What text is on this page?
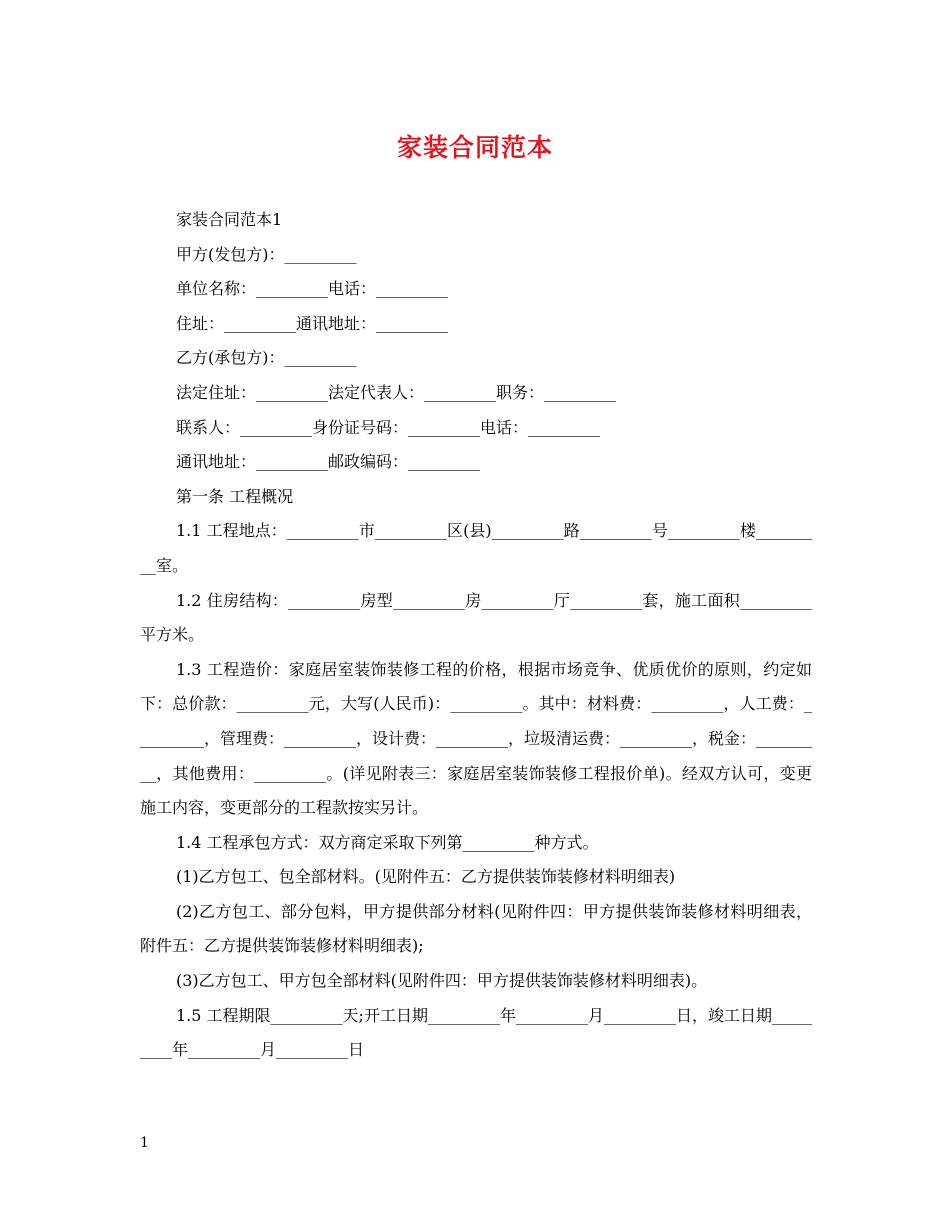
家装合同范本

家装合同范本1

甲方(发包方)：_________

单位名称：_________电话：_________

住址：_________通讯地址：_________

乙方(承包方)：_________

法定住址：_________法定代表人：_________职务：_________

联系人：_________身份证号码：_________电话：_________

通讯地址：_________邮政编码：_________

第一条 工程概况

1.1 工程地点：_________市_________区(县)_________路_________号_________楼_________室。

1.2 住房结构：_________房型_________房_________厅_________套，施工面积_________平方米。

1.3 工程造价：家庭居室装饰装修工程的价格，根据市场竞争、优质优价的原则，约定如下：总价款：_________元，大写(人民币)：_________。其中：材料费：_________，人工费：_________，管理费：_________，设计费：_________，垃圾清运费：_________，税金：_________，其他费用：_________。(详见附表三：家庭居室装饰装修工程报价单)。经双方认可，变更施工内容，变更部分的工程款按实另计。

1.4 工程承包方式：双方商定采取下列第_________种方式。

(1)乙方包工、包全部材料。(见附件五：乙方提供装饰装修材料明细表)

(2)乙方包工、部分包料，甲方提供部分材料(见附件四：甲方提供装饰装修材料明细表，附件五：乙方提供装饰装修材料明细表);

(3)乙方包工、甲方包全部材料(见附件四：甲方提供装饰装修材料明细表)。

1.5 工程期限_________天;开工日期_________年_________月_________日，竣工日期_________年_________月_________日

1
